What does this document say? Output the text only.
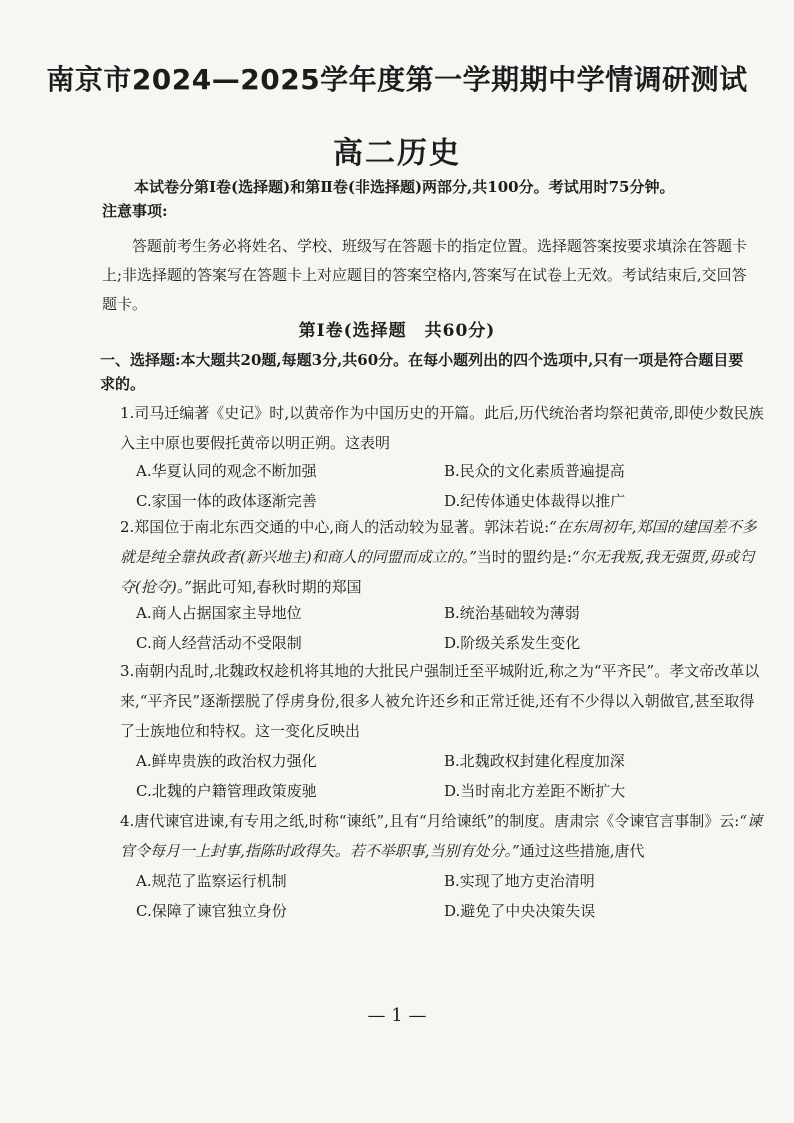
南京市2024—2025学年度第一学期期中学情调研测试
高二历史
本试卷分第Ⅰ卷(选择题)和第Ⅱ卷(非选择题)两部分,共100分。考试用时75分钟。
注意事项:
答题前考生务必将姓名、学校、班级写在答题卡的指定位置。选择题答案按要求填涂在答题卡上;非选择题的答案写在答题卡上对应题目的答案空格内,答案写在试卷上无效。考试结束后,交回答题卡。
第Ⅰ卷(选择题　共60分)
一、选择题:本大题共20题,每题3分,共60分。在每小题列出的四个选项中,只有一项是符合题目要求的。
1.司马迁编著《史记》时,以黄帝作为中国历史的开篇。此后,历代统治者均祭祀黄帝,即使少数民族入主中原也要假托黄帝以明正朔。这表明
A.华夏认同的观念不断加强	B.民众的文化素质普遍提高
C.家国一体的政体逐渐完善	D.纪传体通史体裁得以推广
2.郑国位于南北东西交通的中心,商人的活动较为显著。郭沫若说:“在东周初年,郑国的建国差不多就是纯全靠执政者(新兴地主)和商人的同盟而成立的。”当时的盟约是:“尔无我叛,我无强贾,毋或匄夺(抢夺)。”据此可知,春秋时期的郑国
A.商人占据国家主导地位	B.统治基础较为薄弱
C.商人经营活动不受限制	D.阶级关系发生变化
3.南朝内乱时,北魏政权趁机将其地的大批民户强制迁至平城附近,称之为“平齐民”。孝文帝改革以来,“平齐民”逐渐摆脱了俘虏身份,很多人被允许还乡和正常迁徙,还有不少得以入朝做官,甚至取得了士族地位和特权。这一变化反映出
A.鲜卑贵族的政治权力强化	B.北魏政权封建化程度加深
C.北魏的户籍管理政策废驰	D.当时南北方差距不断扩大
4.唐代谏官进谏,有专用之纸,时称“谏纸”,且有“月给谏纸”的制度。唐肃宗《令谏官言事制》云:“谏官令每月一上封事,指陈时政得失。若不举职事,当别有处分。”通过这些措施,唐代
A.规范了监察运行机制	B.实现了地方吏治清明
C.保障了谏官独立身份	D.避免了中央决策失误
— 1 —
